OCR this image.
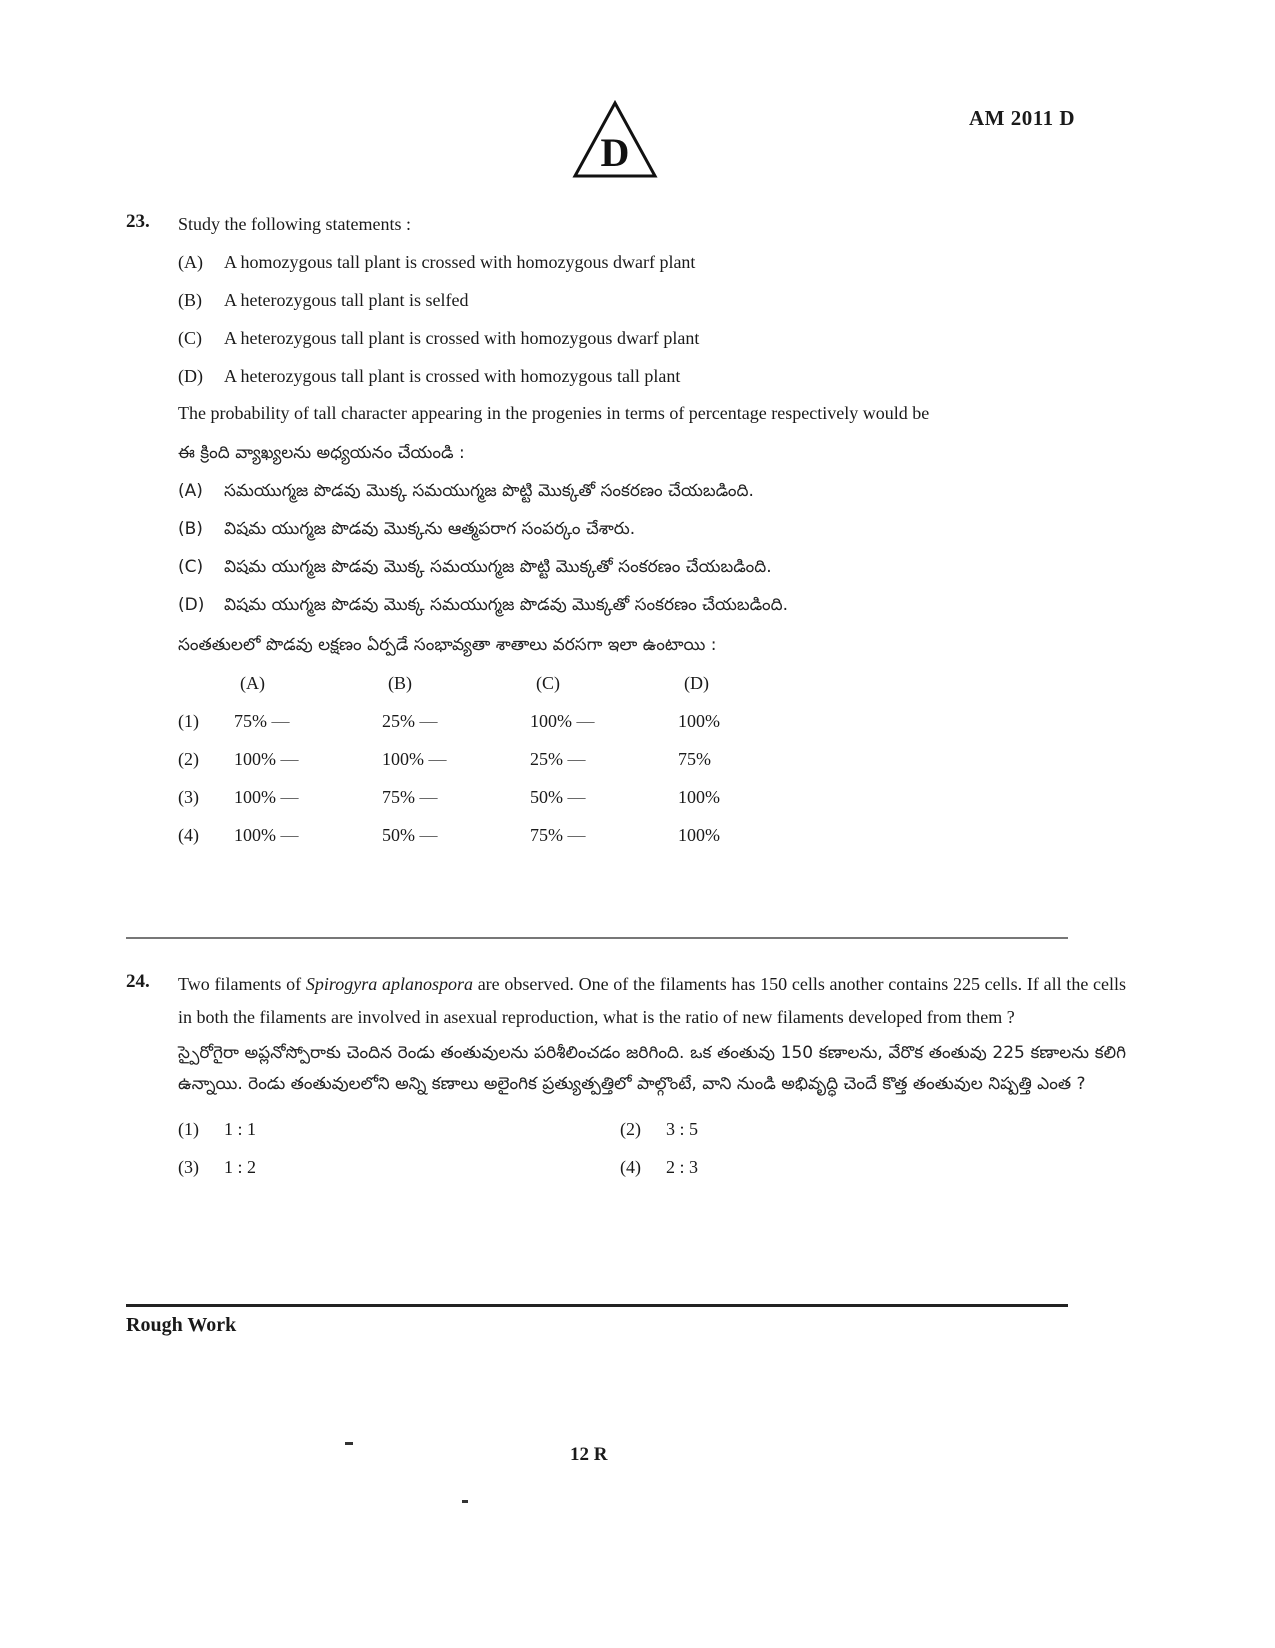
AM 2011 D
D
23. Study the following statements :
(A) A homozygous tall plant is crossed with homozygous dwarf plant
(B) A heterozygous tall plant is selfed
(C) A heterozygous tall plant is crossed with homozygous dwarf plant
(D) A heterozygous tall plant is crossed with homozygous tall plant
The probability of tall character appearing in the progenies in terms of percentage respectively would be
ఈ క్రింది వ్యాఖ్యలను అధ్యయనం చేయండి :
(A) సమయుగ్మజ పొడవు మొక్క సమయుగ్మజ పొట్టి మొక్కతో సంకరణం చేయబడింది.
(B) విషమ యుగ్మజ పొడవు మొక్కను ఆత్మపరాగ సంపర్కం చేశారు.
(C) విషమ యుగ్మజ పొడవు మొక్క సమయుగ్మజ పొట్టి మొక్కతో సంకరణం చేయబడింది.
(D) విషమ యుగ్మజ పొడవు మొక్క సమయుగ్మజ పొడవు మొక్కతో సంకరణం చేయబడింది.
సంతతులలో పొడవు లక్షణం ఏర్పడే సంభావ్యతా శాతాలు వరసగా ఇలా ఉంటాయి :
	(A)	(B)	(C)	(D)
(1)	75% —	25% —	100% —	100%
(2)	100% —	100% —	25% —	75%
(3)	100% —	75% —	50% —	100%
(4)	100% —	50% —	75% —	100%
24. Two filaments of Spirogyra aplanospora are observed. One of the filaments has 150 cells another contains 225 cells. If all the cells in both the filaments are involved in asexual reproduction, what is the ratio of new filaments developed from them ?
స్పైరోగైరా అప్లనోస్పోరాకు చెందిన రెండు తంతువులను పరిశీలించడం జరిగింది. ఒక తంతువు 150 కణాలను, వేరొక తంతువు 225 కణాలను కలిగి ఉన్నాయి. రెండు తంతువులలోని అన్ని కణాలు అలైంగిక ప్రత్యుత్పత్తిలో పాల్గొంటే, వాని నుండి అభివృద్ధి చెందే కొత్త తంతువుల నిష్పత్తి ఎంత ?
(1) 1 : 1	(2) 3 : 5
(3) 1 : 2	(4) 2 : 3
Rough Work
12 R
